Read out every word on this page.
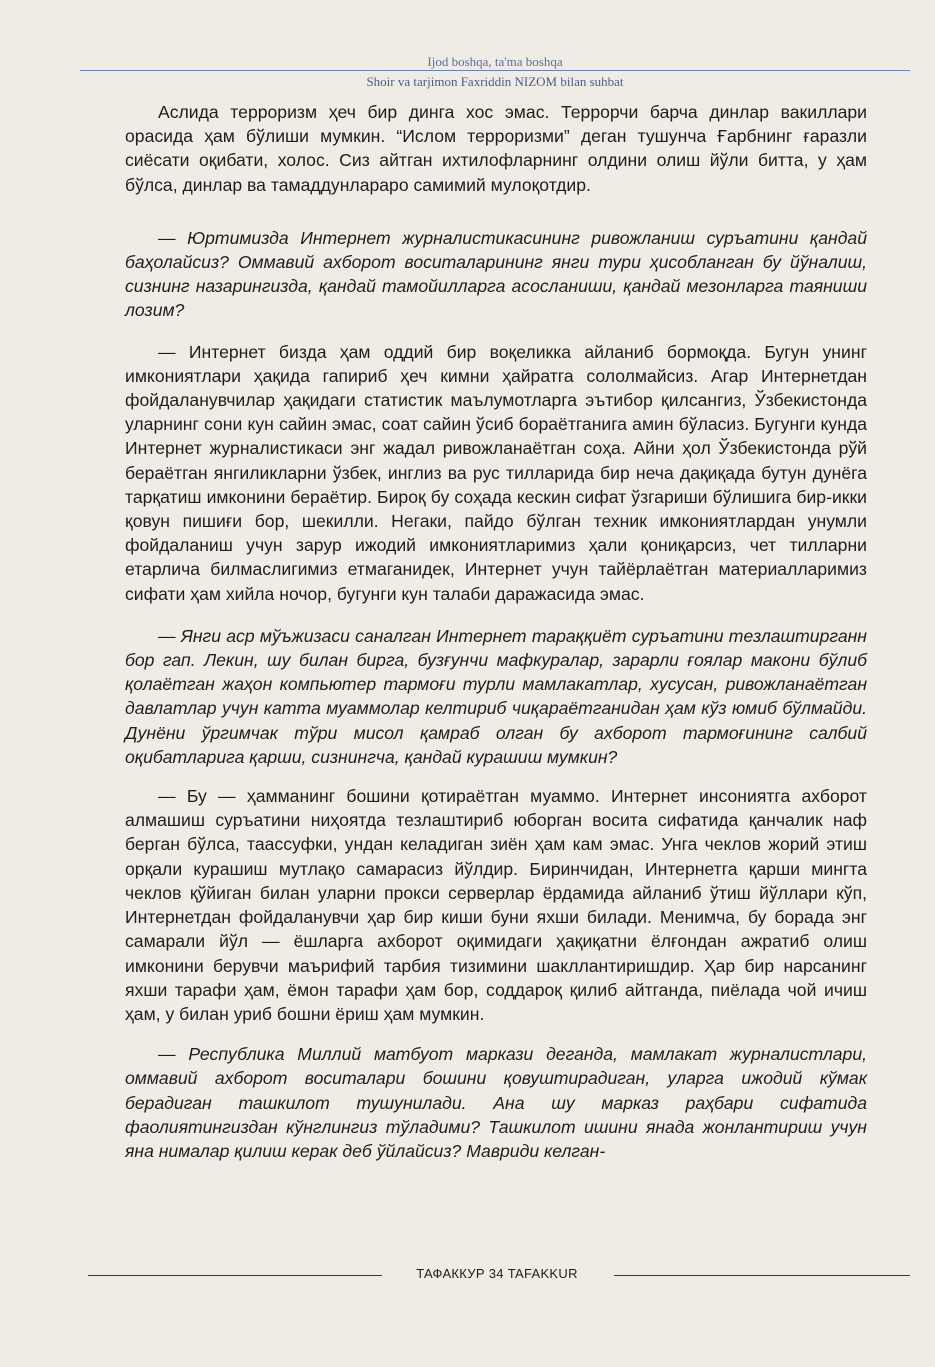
Ijod boshqa, ta'ma boshqa
Shoir va tarjimon Faxriddin NIZOM bilan suhbat

Аслида терроризм ҳеч бир динга хос эмас. Террорчи барча динлар вакиллари орасида ҳам бўлиши мумкин. “Ислом терроризми” деган тушунча Ғарбнинг ғаразли сиёсати оқибати, холос. Сиз айтган ихтилофларнинг олдини олиш йўли битта, у ҳам бўлса, динлар ва тамаддунлараро самимий мулоқотдир.

— Юртимизда Интернет журналистикасининг ривожланиш суръатини қандай баҳолайсиз? Оммавий ахборот воситаларининг янги тури ҳисобланган бу йўналиш, сизнинг назарингизда, қандай тамойилларга асосланиши, қандай мезонларга таяниши лозим?

— Интернет бизда ҳам оддий бир воқеликка айланиб бормоқда. Бугун унинг имкониятлари ҳақида гапириб ҳеч кимни ҳайратга сололмайсиз. Агар Интернетдан фойдаланувчилар ҳақидаги статистик маълумотларга эътибор қилсангиз, Ўзбекистонда уларнинг сони кун сайин эмас, соат сайин ўсиб бораётганига амин бўласиз. Бугунги кунда Интернет журналистикаси энг жадал ривожланаётган соҳа. Айни ҳол Ўзбекистонда рўй бераётган янгиликларни ўзбек, инглиз ва рус тилларида бир неча дақиқада бутун дунёга тарқатиш имконини бераётир. Бироқ бу соҳада кескин сифат ўзгариши бўлишига бир-икки қовун пишиғи бор, шекилли. Негаки, пайдо бўлган техник имкониятлардан унумли фойдаланиш учун зарур ижодий имкониятларимиз ҳали қониқарсиз, чет тилларни етарлича билмаслигимиз етмаганидек, Интернет учун тайёрлаётган материалларимиз сифати ҳам хийла ночор, бугунги кун талаби даражасида эмас.

— Янги аср мўъжизаси саналган Интернет тараққиёт суръатини тезлаштирганн бор гап. Лекин, шу билан бирга, бузғунчи мафкуралар, зарарли ғоялар макони бўлиб қолаётган жаҳон компьютер тармоғи турли мамлакатлар, хусусан, ривожланаётган давлатлар учун катта муаммолар келтириб чиқараётганидан ҳам кўз юмиб бўлмайди. Дунёни ўргимчак тўри мисол қамраб олган бу ахборот тармоғининг салбий оқибатларига қарши, сизнингча, қандай курашиш мумкин?

— Бу — ҳамманинг бошини қотираётган муаммо. Интернет инсониятга ахборот алмашиш суръатини ниҳоятда тезлаштириб юборган восита сифатида қанчалик наф берган бўлса, таассуфки, ундан келадиган зиён ҳам кам эмас. Унга чеклов жорий этиш орқали курашиш мутлақо самарасиз йўлдир. Биринчидан, Интернетга қарши мингта чеклов қўйиган билан уларни прокси серверлар ёрдамида айланиб ўтиш йўллари кўп, Интернетдан фойдаланувчи ҳар бир киши буни яхши билади. Менимча, бу борада энг самарали йўл — ёшларга ахборот оқимидаги ҳақиқатни ёлғондан ажратиб олиш имконини берувчи маърифий тарбия тизимини шакллантиришдир. Ҳар бир нарсанинг яхши тарафи ҳам, ёмон тарафи ҳам бор, соддароқ қилиб айтганда, пиёлада чой ичиш ҳам, у билан уриб бошни ёриш ҳам мумкин.

— Республика Миллий матбуот маркази деганда, мамлакат журналистлари, оммавий ахборот воситалари бошини қовуштирадиган, уларга ижодий кўмак берадиган ташкилот тушунилади. Ана шу марказ раҳбари сифатида фаолиятингиздан кўнглингиз тўладими? Ташкилот ишини янада жонлантириш учун яна нималар қилиш керак деб ўйлайсиз? Мавриди келган-

ТАФАККУР 34 TAFAKKUR
